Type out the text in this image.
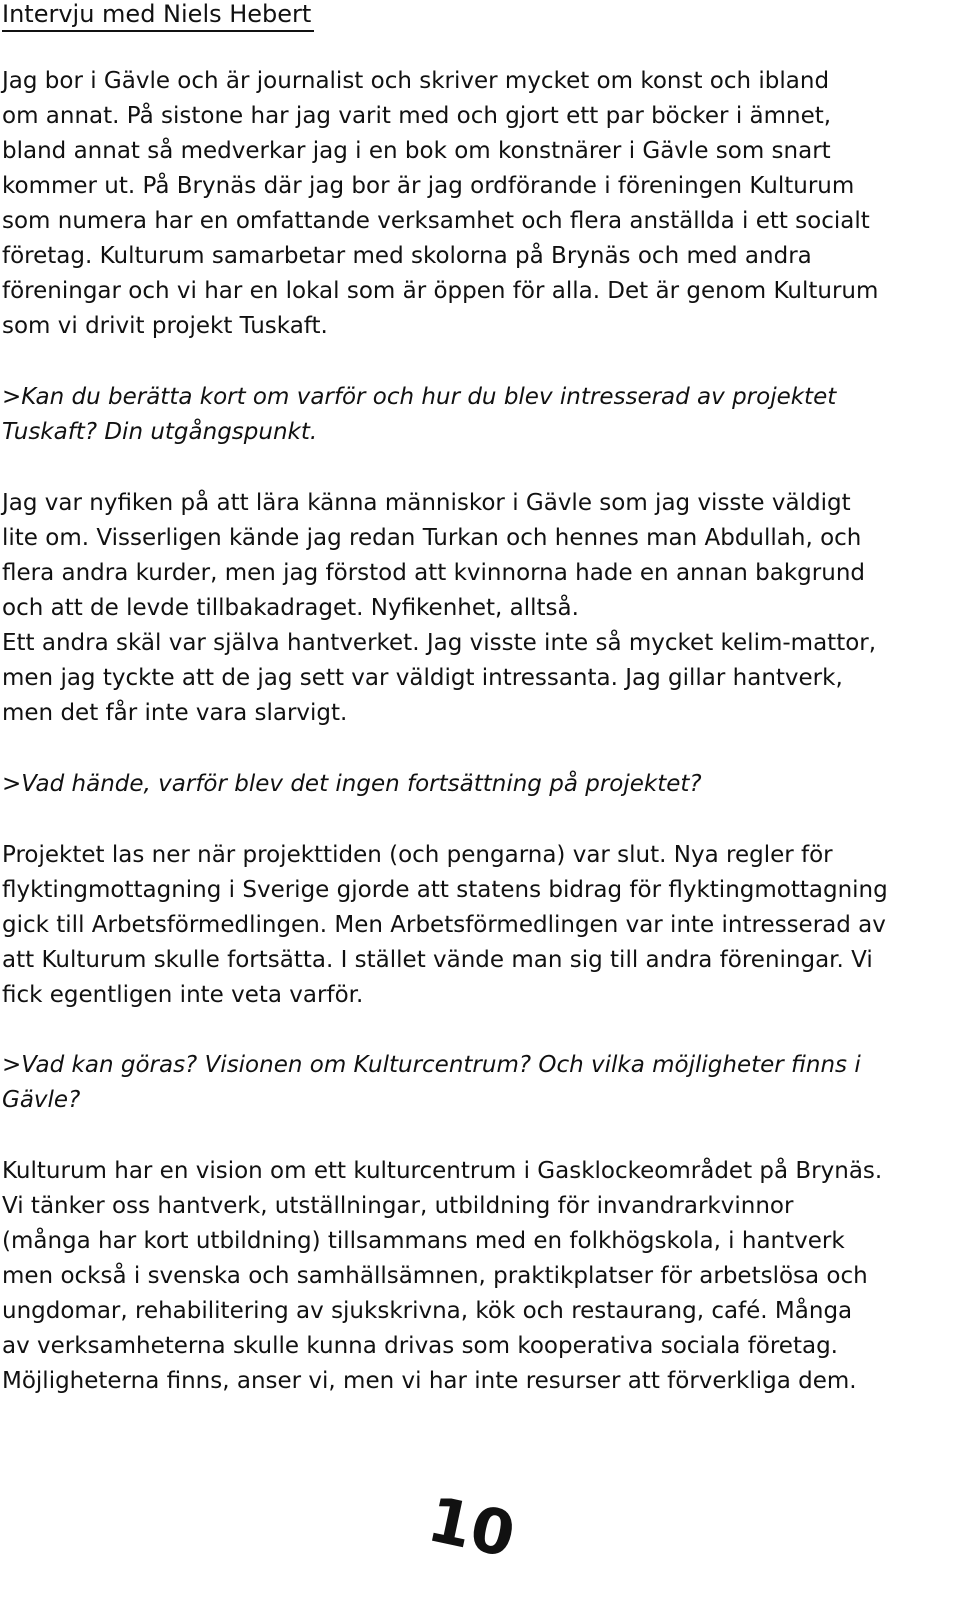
Intervju med Niels Hebert
Jag bor i Gävle och är journalist och skriver mycket om konst och ibland
om annat. På sistone har jag varit med och gjort ett par böcker i ämnet,
bland annat så medverkar jag i en bok om konstnärer i Gävle som snart
kommer ut. På Brynäs där jag bor är jag ordförande i föreningen Kulturum
som numera har en omfattande verksamhet och flera anställda i ett socialt
företag. Kulturum samarbetar med skolorna på Brynäs och med andra
föreningar och vi har en lokal som är öppen för alla. Det är genom Kulturum
som vi drivit projekt Tuskaft.
>Kan du berätta kort om varför och hur du blev intresserad av projektet
Tuskaft? Din utgångspunkt.
Jag var nyfiken på att lära känna människor i Gävle som jag visste väldigt
lite om. Visserligen kände jag redan Turkan och hennes man Abdullah, och
flera andra kurder, men jag förstod att kvinnorna hade en annan bakgrund
och att de levde tillbakadraget. Nyfikenhet, alltså.
Ett andra skäl var själva hantverket. Jag visste inte så mycket kelim-mattor,
men jag tyckte att de jag sett var väldigt intressanta. Jag gillar hantverk,
men det får inte vara slarvigt.
>Vad hände, varför blev det ingen fortsättning på projektet?
Projektet las ner när projekttiden (och pengarna) var slut. Nya regler för
flyktingmottagning i Sverige gjorde att statens bidrag för flyktingmottagning
gick till Arbetsförmedlingen. Men Arbetsförmedlingen var inte intresserad av
att Kulturum skulle fortsätta. I stället vände man sig till andra föreningar. Vi
fick egentligen inte veta varför.
>Vad kan göras? Visionen om Kulturcentrum? Och vilka möjligheter finns i
Gävle?
Kulturum har en vision om ett kulturcentrum i Gasklockeområdet på Brynäs.
Vi tänker oss hantverk, utställningar, utbildning för invandrarkvinnor
(många har kort utbildning) tillsammans med en folkhögskola, i hantverk
men också i svenska och samhällsämnen, praktikplatser för arbetslösa och
ungdomar, rehabilitering av sjukskrivna, kök och restaurang, café. Många
av verksamheterna skulle kunna drivas som kooperativa sociala företag.
Möjligheterna finns, anser vi, men vi har inte resurser att förverkliga dem.
10
